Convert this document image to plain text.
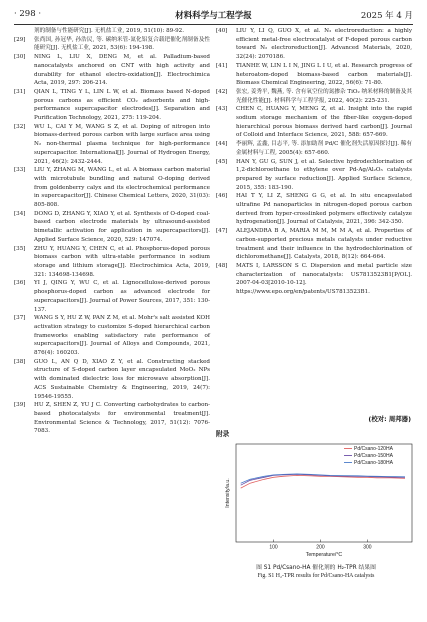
· 298 ·	材料科学与工程学报	2025 年 4 月
剂的制备与性能研究[J]. 无机盐工业, 2019, 51(10): 89-92.
[29] 张尚国, 孙冠华, 孙浩民, 等. 碳纳米管-氮化铝复合载钯催化剂制备及性能研究[J]. 无机盐工业, 2021, 53(6): 194-198.
[30] NING L, LIU X, DENG M, et al. Palladium-based nanocatalysts anchored on CNT with high activity and durability for ethanol electro-oxidation[J]. Electrochimica Acta, 2019, 297: 206-214.
[31] QIAN L, TING Y L, LIN L W, et al. Biomass based N-doped porous carbons as efficient CO₂ adsorbents and high-performance supercapacitor electrodes[J]. Separation and Purification Technology, 2021, 275: 119-204.
[32] WU L, CAI Y M, WANG S Z, et al. Doping of nitrogen into biomass-derived porous carbon with large surface area using N₂ non-thermal plasma technique for high-performance supercapacitor. International[J]. Journal of Hydrogen Energy, 2021, 46(2): 2432-2444.
[33] LIU Y, ZHANG M, WANG L, et al. A biomass carbon material with microtubule bundling and natural O-doping derived from goldenberry calyx and its electrochemical performance in supercapacitor[J]. Chinese Chemical Letters, 2020, 31(03): 805-808.
[34] DONG D, ZHANG Y, XIAO Y, et al. Synthesis of O-doped coal-based carbon electrode materials by ultrasound-assisted bimetallic activation for application in supercapacitors[J]. Applied Surface Science, 2020, 529: 147074.
[35] ZHU Y, HUANG Y, CHEN C, et al. Phosphorus-doped porous biomass carbon with ultra-stable performance in sodium storage and lithium storage[J]. Electrochimica Acta, 2019, 321: 134698-134698.
[36] YI J, QING Y, WU C, et al. Lignocellulose-derived porous phosphorus-doped carbon as advanced electrode for supercapacitors[J]. Journal of Power Sources, 2017, 351: 130-137.
[37] WANG S Y, HU Z W, PAN Z M, et al. Mohr's salt assisted KOH activation strategy to customize S-doped hierarchical carbon frameworks enabling satisfactory rate performance of supercapacitors[J]. Journal of Alloys and Compounds, 2021, 876(4): 160203.
[38] GUO L, AN Q D, XIAO Z Y, et al. Constructing stacked structure of S-doped carbon layer encapsulated MoO₂ NPs with dominated dielectric loss for microwave absorption[J]. ACS Sustainable Chemistry & Engineering, 2019, 24(7): 19546-19555.
[39] HU Z, SHEN Z, YU J C. Converting carbohydrates to carbon-based photocatalysts for environmental treatment[J]. Environmental Science & Technology, 2017, 51(12): 7076-7083.
[40] LIU Y, LI Q, GUO X, et al. N₂ electroreduction: a highly efficient metal-free electrocatalyst of F-doped porous carbon toward N₂ electroreduction[J]. Advanced Materials, 2020, 32(24): 2070186.
[41] TIANHE W, LIN L I N, JING L I U, et al. Research progress of heteroatom-doped biomass-based carbon materials[J]. Biomass Chemical Engineering, 2022, 56(6): 71-80.
[42] 张宏, 姜秀平, 魏燕, 等. 含有氧空位的氮掺杂 TiO₂ 纳米材料的制备及其光催化性能[J]. 材料科学与工程学报, 2022, 40(2): 225-231.
[43] CHEN C, HUANG Y, MENG Z, et al. Insight into the rapid sodium storage mechanism of the fiber-like oxygen-doped hierarchical porous biomass derived hard carbon[J]. Journal of Colloid and Interface Science, 2021, 588: 657-669.
[44] 李丽辉, 孟鑫, 目志平, 等. 添加助剂 Pd/C 催化剂失活原因探讨[J]. 稀有金属材料与工程, 2005(4): 657-660.
[45] HAN Y, GU G, SUN J, et al. Selective hydrodechlorination of 1,2-dichloroethane to ethylene over Pd-Ag/Al₂O₃ catalysts prepared by surface reduction[J]. Applied Surface Science, 2015, 355: 183-190.
[46] HAI T Y, LI Z, SHENG G G, et al. In situ encapsulated ultrafine Pd nanoparticles in nitrogen-doped porous carbon derived from hyper-crosslinked polymers effectively catalyze hydrogenation[J]. Journal of Catalysis, 2021, 396: 342-350.
[47] ALEJANDRA B A, MARIA M M, M M A, et al. Properties of carbon-supported precious metals catalysts under reductive treatment and their influence in the hydrodechlorination of dichloromethane[J]. Catalysts, 2018, 8(12): 664-664.
[48] MATS I, LARSSON S C. Dispersion and metal particle size characterization of nanocatalysts: US7813523B1[P/OL]. 2007-04-03[2010-10-12]. https://www.epo.org/en/patents/US7813523B1.
(校对: 周邦器)
附录
100	200	300
Temperature/°C
Intensity/a.u.
Pd/Csano-120HA
Pd/Csano-150HA
Pd/Csano-180HA
图 S1 Pd/Csano-HA 催化剂的 H₂-TPR 结果图
Fig. S1 H₂-TPR results for Pd/Csano-HA catalysts
